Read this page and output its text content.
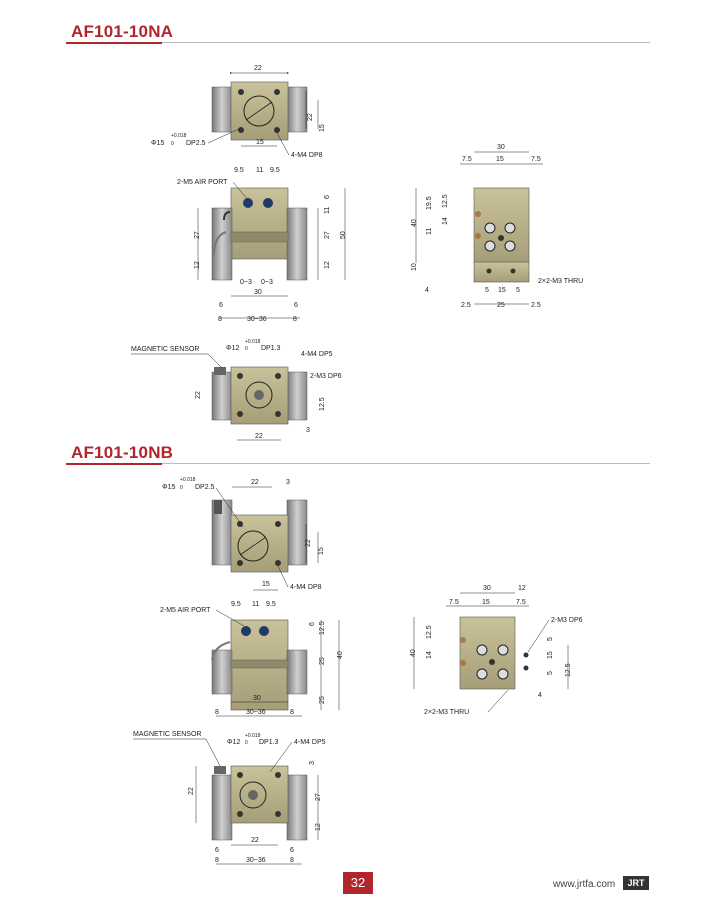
AF101-10NA
AF101-10NB
22
22
15
15
Φ15
+0.018
0 DP2.5
4-M4 DP8
2-M5 AIR PORT
9.5 11 9.5
27
12
6
11
27
12
50
0~3 0~3
30
6	6
8	30~36	8
30
7.5	15	7.5
40
19.5 12.5
14
11
10
4
2×2-M3 THRU
5 15 5
2.5	25	2.5
MAGNETIC SENSOR	Φ12
+0.018
0 DP1.3
4-M4 DP5
2-M3 DP6
22
12.5
22
3
Φ15
+0.018
0 DP2.5
22	3
22
15
15	4-M4 DP8
2-M5 AIR PORT
9.5 11 9.5
6 12.5
25
40
25
30
8	30~36	8
30	12
7.5	15	7.5
40
12.5
14
2-M3 DP6
5
15
5 12.5
4
2×2-M3 THRU
MAGNETIC SENSOR
Φ12
+0.018
0 DP1.3 4-M4 DP5
22
3
27
12
22
6	6
8	30~36	8
32	www.jrtfa.com	JRT
